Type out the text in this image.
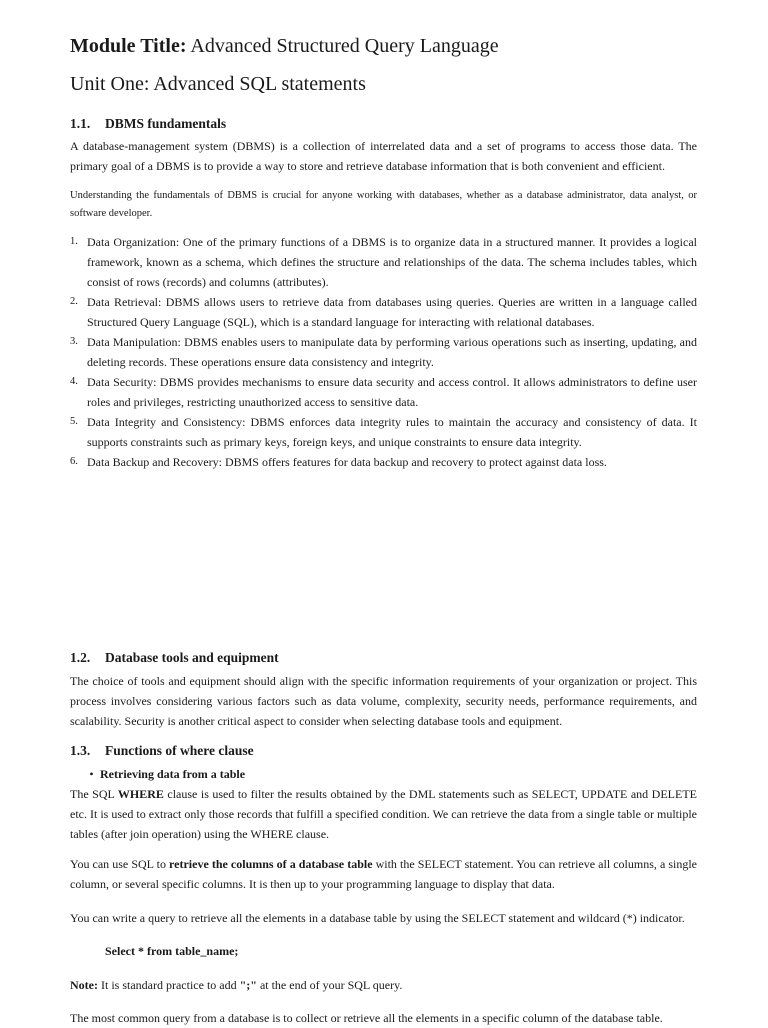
Module Title: Advanced Structured Query Language
Unit One: Advanced SQL statements
1.1. DBMS fundamentals

A database-management system (DBMS) is a collection of interrelated data and a set of programs to access those data. The primary goal of a DBMS is to provide a way to store and retrieve database information that is both convenient and efficient.

Understanding the fundamentals of DBMS is crucial for anyone working with databases, whether as a database administrator, data analyst, or software developer.

1. Data Organization: One of the primary functions of a DBMS is to organize data in a structured manner. It provides a logical framework, known as a schema, which defines the structure and relationships of the data. The schema includes tables, which consist of rows (records) and columns (attributes).
2. Data Retrieval: DBMS allows users to retrieve data from databases using queries. Queries are written in a language called Structured Query Language (SQL), which is a standard language for interacting with relational databases.
3. Data Manipulation: DBMS enables users to manipulate data by performing various operations such as inserting, updating, and deleting records. These operations ensure data consistency and integrity.
4. Data Security: DBMS provides mechanisms to ensure data security and access control. It allows administrators to define user roles and privileges, restricting unauthorized access to sensitive data.
5. Data Integrity and Consistency: DBMS enforces data integrity rules to maintain the accuracy and consistency of data. It supports constraints such as primary keys, foreign keys, and unique constraints to ensure data integrity.
6. Data Backup and Recovery: DBMS offers features for data backup and recovery to protect against data loss.
1.2. Database tools and equipment

The choice of tools and equipment should align with the specific information requirements of your organization or project. This process involves considering various factors such as data volume, complexity, security needs, performance requirements, and scalability. Security is another critical aspect to consider when selecting database tools and equipment.

1.3. Functions of where clause
• Retrieving data from a table

The SQL WHERE clause is used to filter the results obtained by the DML statements such as SELECT, UPDATE and DELETE etc. It is used to extract only those records that fulfill a specified condition. We can retrieve the data from a single table or multiple tables (after join operation) using the WHERE clause.

You can use SQL to retrieve the columns of a database table with the SELECT statement. You can retrieve all columns, a single column, or several specific columns. It is then up to your programming language to display that data.

You can write a query to retrieve all the elements in a database table by using the SELECT statement and wildcard (*) indicator.

Select * from table_name;

Note: It is standard practice to add ";" at the end of your SQL query.

The most common query from a database is to collect or retrieve all the elements in a specific column of the database table.
